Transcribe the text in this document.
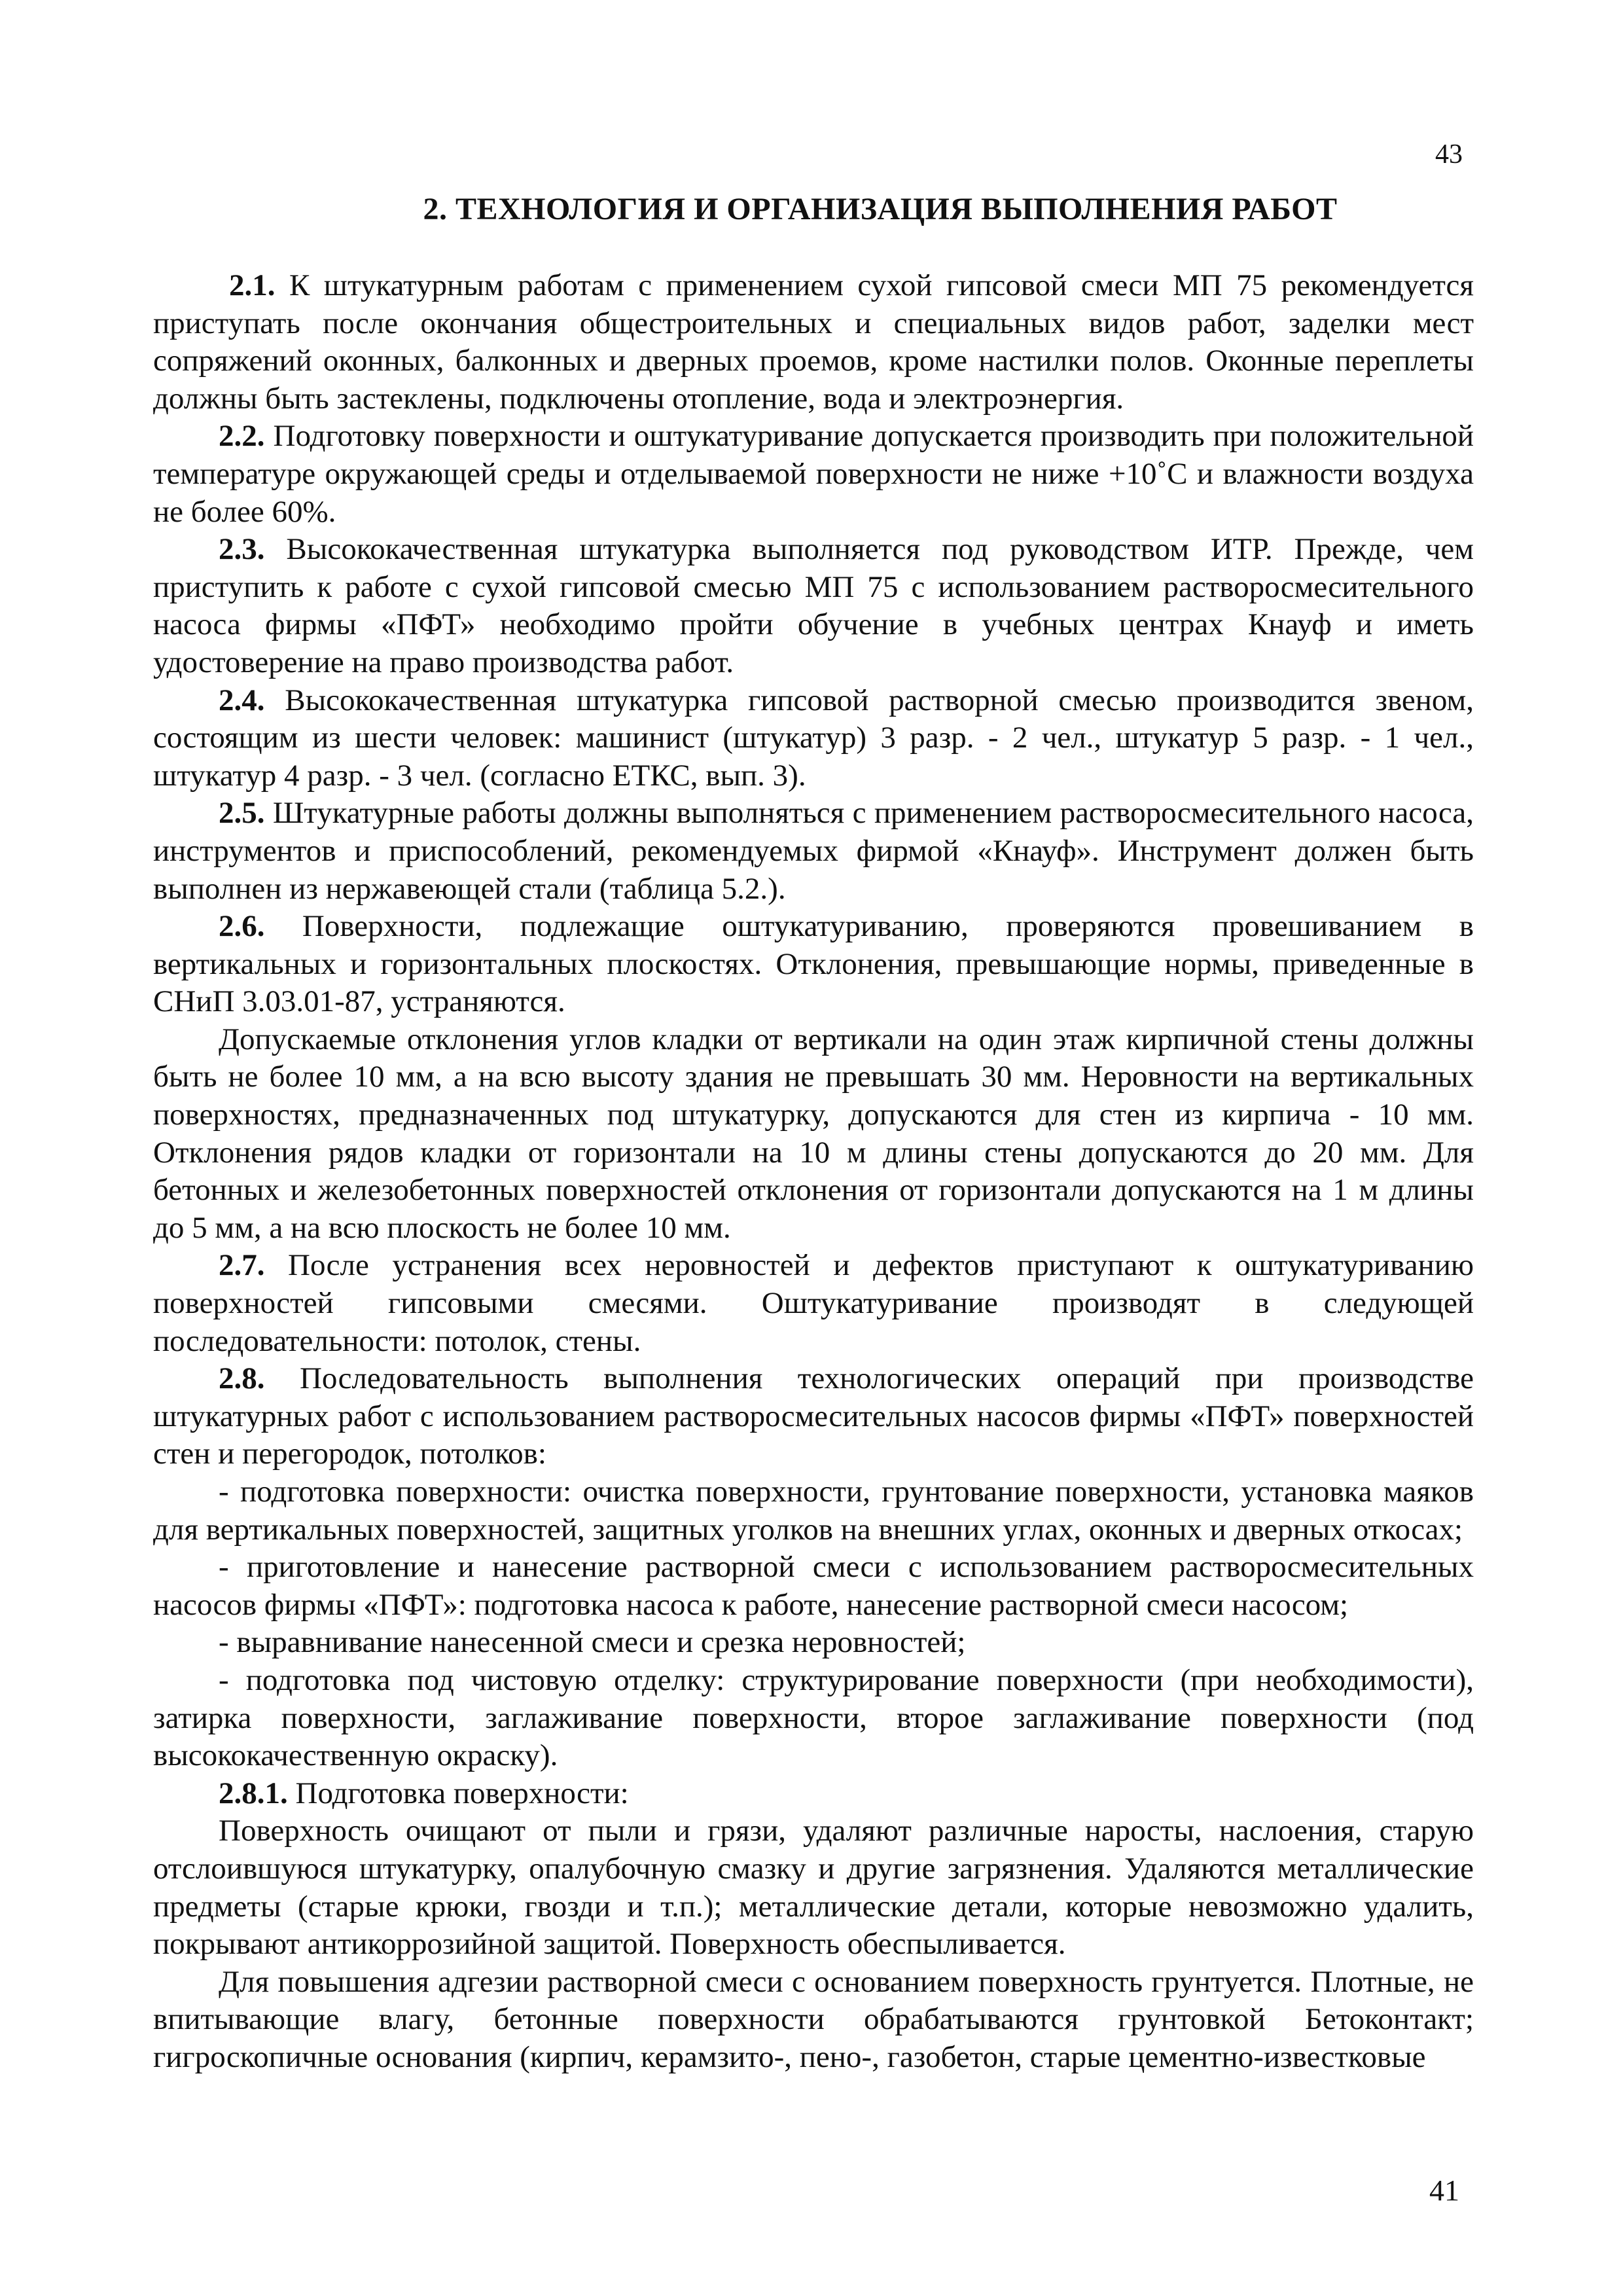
43
2. ТЕХНОЛОГИЯ И ОРГАНИЗАЦИЯ ВЫПОЛНЕНИЯ РАБОТ

2.1. К штукатурным работам с применением сухой гипсовой смеси МП 75 рекомендуется приступать после окончания общестроительных и специальных видов работ, заделки мест сопряжений оконных, балконных и дверных проемов, кроме настилки полов. Оконные переплеты должны быть застеклены, подключены отопление, вода и электроэнергия.

2.2. Подготовку поверхности и оштукатуривание допускается производить при положительной температуре окружающей среды и отделываемой поверхности не ниже +10˚С и влажности воздуха не более 60%.

2.3. Высококачественная штукатурка выполняется под руководством ИТР. Прежде, чем приступить к работе с сухой гипсовой смесью МП 75 с использованием растворосмесительного насоса фирмы «ПФТ» необходимо пройти обучение в учебных центрах Кнауф и иметь удостоверение на право производства работ.

2.4. Высококачественная штукатурка гипсовой растворной смесью производится звеном, состоящим из шести человек: машинист (штукатур) 3 разр. - 2 чел., штукатур 5 разр. - 1 чел., штукатур 4 разр. - 3 чел. (согласно ЕТКС, вып. 3).

2.5. Штукатурные работы должны выполняться с применением растворосмесительного насоса, инструментов и приспособлений, рекомендуемых фирмой «Кнауф». Инструмент должен быть выполнен из нержавеющей стали (таблица 5.2.).

2.6. Поверхности, подлежащие оштукатуриванию, проверяются провешиванием в вертикальных и горизонтальных плоскостях. Отклонения, превышающие нормы, приведенные в СНиП 3.03.01-87, устраняются.

Допускаемые отклонения углов кладки от вертикали на один этаж кирпичной стены должны быть не более 10 мм, а на всю высоту здания не превышать 30 мм. Неровности на вертикальных поверхностях, предназначенных под штукатурку, допускаются для стен из кирпича - 10 мм. Отклонения рядов кладки от горизонтали на 10 м длины стены допускаются до 20 мм. Для бетонных и железобетонных поверхностей отклонения от горизонтали допускаются на 1 м длины до 5 мм, а на всю плоскость не более 10 мм.

2.7. После устранения всех неровностей и дефектов приступают к оштукатуриванию поверхностей гипсовыми смесями. Оштукатуривание производят в следующей последовательности: потолок, стены.

2.8. Последовательность выполнения технологических операций при производстве штукатурных работ с использованием растворосмесительных насосов фирмы «ПФТ» поверхностей стен и перегородок, потолков:

- подготовка поверхности: очистка поверхности, грунтование поверхности, установка маяков для вертикальных поверхностей, защитных уголков на внешних углах, оконных и дверных откосах;

- приготовление и нанесение растворной смеси с использованием растворосмесительных насосов фирмы «ПФТ»: подготовка насоса к работе, нанесение растворной смеси насосом;

- выравнивание нанесенной смеси и срезка неровностей;

- подготовка под чистовую отделку: структурирование поверхности (при необходимости), затирка поверхности, заглаживание поверхности, второе заглаживание поверхности (под высококачественную окраску).

2.8.1. Подготовка поверхности:

Поверхность очищают от пыли и грязи, удаляют различные наросты, наслоения, старую отслоившуюся штукатурку, опалубочную смазку и другие загрязнения. Удаляются металлические предметы (старые крюки, гвозди и т.п.); металлические детали, которые невозможно удалить, покрывают антикоррозийной защитой. Поверхность обеспыливается.

Для повышения адгезии растворной смеси с основанием поверхность грунтуется. Плотные, не впитывающие влагу, бетонные поверхности обрабатываются грунтовкой Бетоконтакт; гигроскопичные основания (кирпич, керамзито-, пено-, газобетон, старые цементно-известковые

41
